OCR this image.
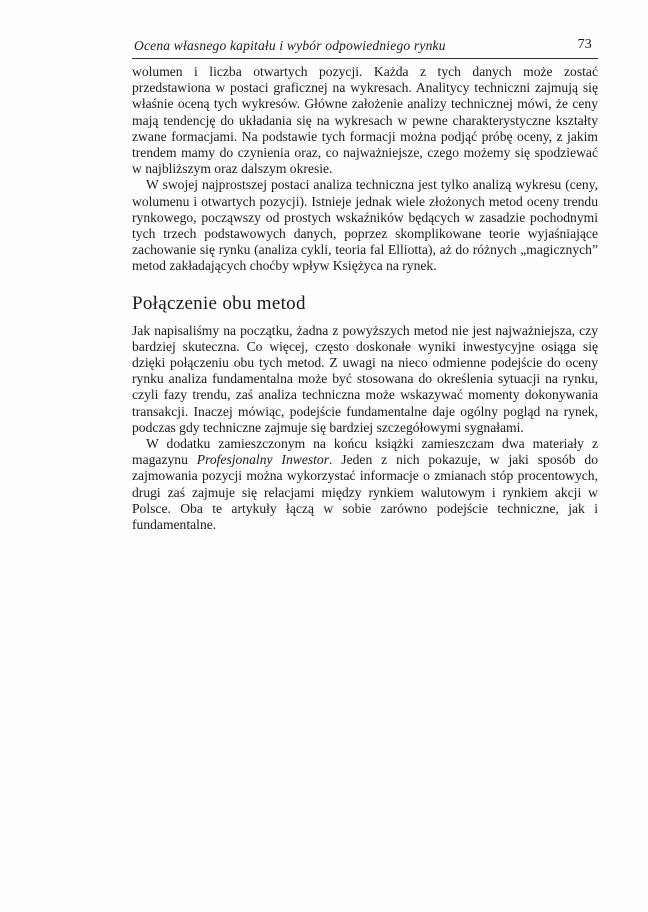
Ocena własnego kapitału i wybór odpowiedniego rynku	73

wolumen i liczba otwartych pozycji. Każda z tych danych może zostać przedstawiona w postaci graficznej na wykresach. Analitycy techniczni zajmują się właśnie oceną tych wykresów. Główne założenie analizy technicznej mówi, że ceny mają tendencję do układania się na wykresach w pewne charakterystyczne kształty zwane formacjami. Na podstawie tych formacji można podjąć próbę oceny, z jakim trendem mamy do czynienia oraz, co najważniejsze, czego możemy się spodziewać w najbliższym oraz dalszym okresie.

W swojej najprostszej postaci analiza techniczna jest tylko analizą wykresu (ceny, wolumenu i otwartych pozycji). Istnieje jednak wiele złożonych metod oceny trendu rynkowego, począwszy od prostych wskaźników będących w zasadzie pochodnymi tych trzech podstawowych danych, poprzez skomplikowane teorie wyjaśniające zachowanie się rynku (analiza cykli, teoria fal Elliotta), aż do różnych „magicznych” metod zakładających choćby wpływ Księżyca na rynek.

Połączenie obu metod

Jak napisaliśmy na początku, żadna z powyższych metod nie jest najważniejsza, czy bardziej skuteczna. Co więcej, często doskonałe wyniki inwestycyjne osiąga się dzięki połączeniu obu tych metod. Z uwagi na nieco odmienne podejście do oceny rynku analiza fundamentalna może być stosowana do określenia sytuacji na rynku, czyli fazy trendu, zaś analiza techniczna może wskazywać momenty dokonywania transakcji. Inaczej mówiąc, podejście fundamentalne daje ogólny pogląd na rynek, podczas gdy techniczne zajmuje się bardziej szczegółowymi sygnałami.

W dodatku zamieszczonym na końcu książki zamieszczam dwa materiały z magazynu Profesjonalny Inwestor. Jeden z nich pokazuje, w jaki sposób do zajmowania pozycji można wykorzystać informacje o zmianach stóp procentowych, drugi zaś zajmuje się relacjami między rynkiem walutowym i rynkiem akcji w Polsce. Oba te artykuły łączą w sobie zarówno podejście techniczne, jak i fundamentalne.
